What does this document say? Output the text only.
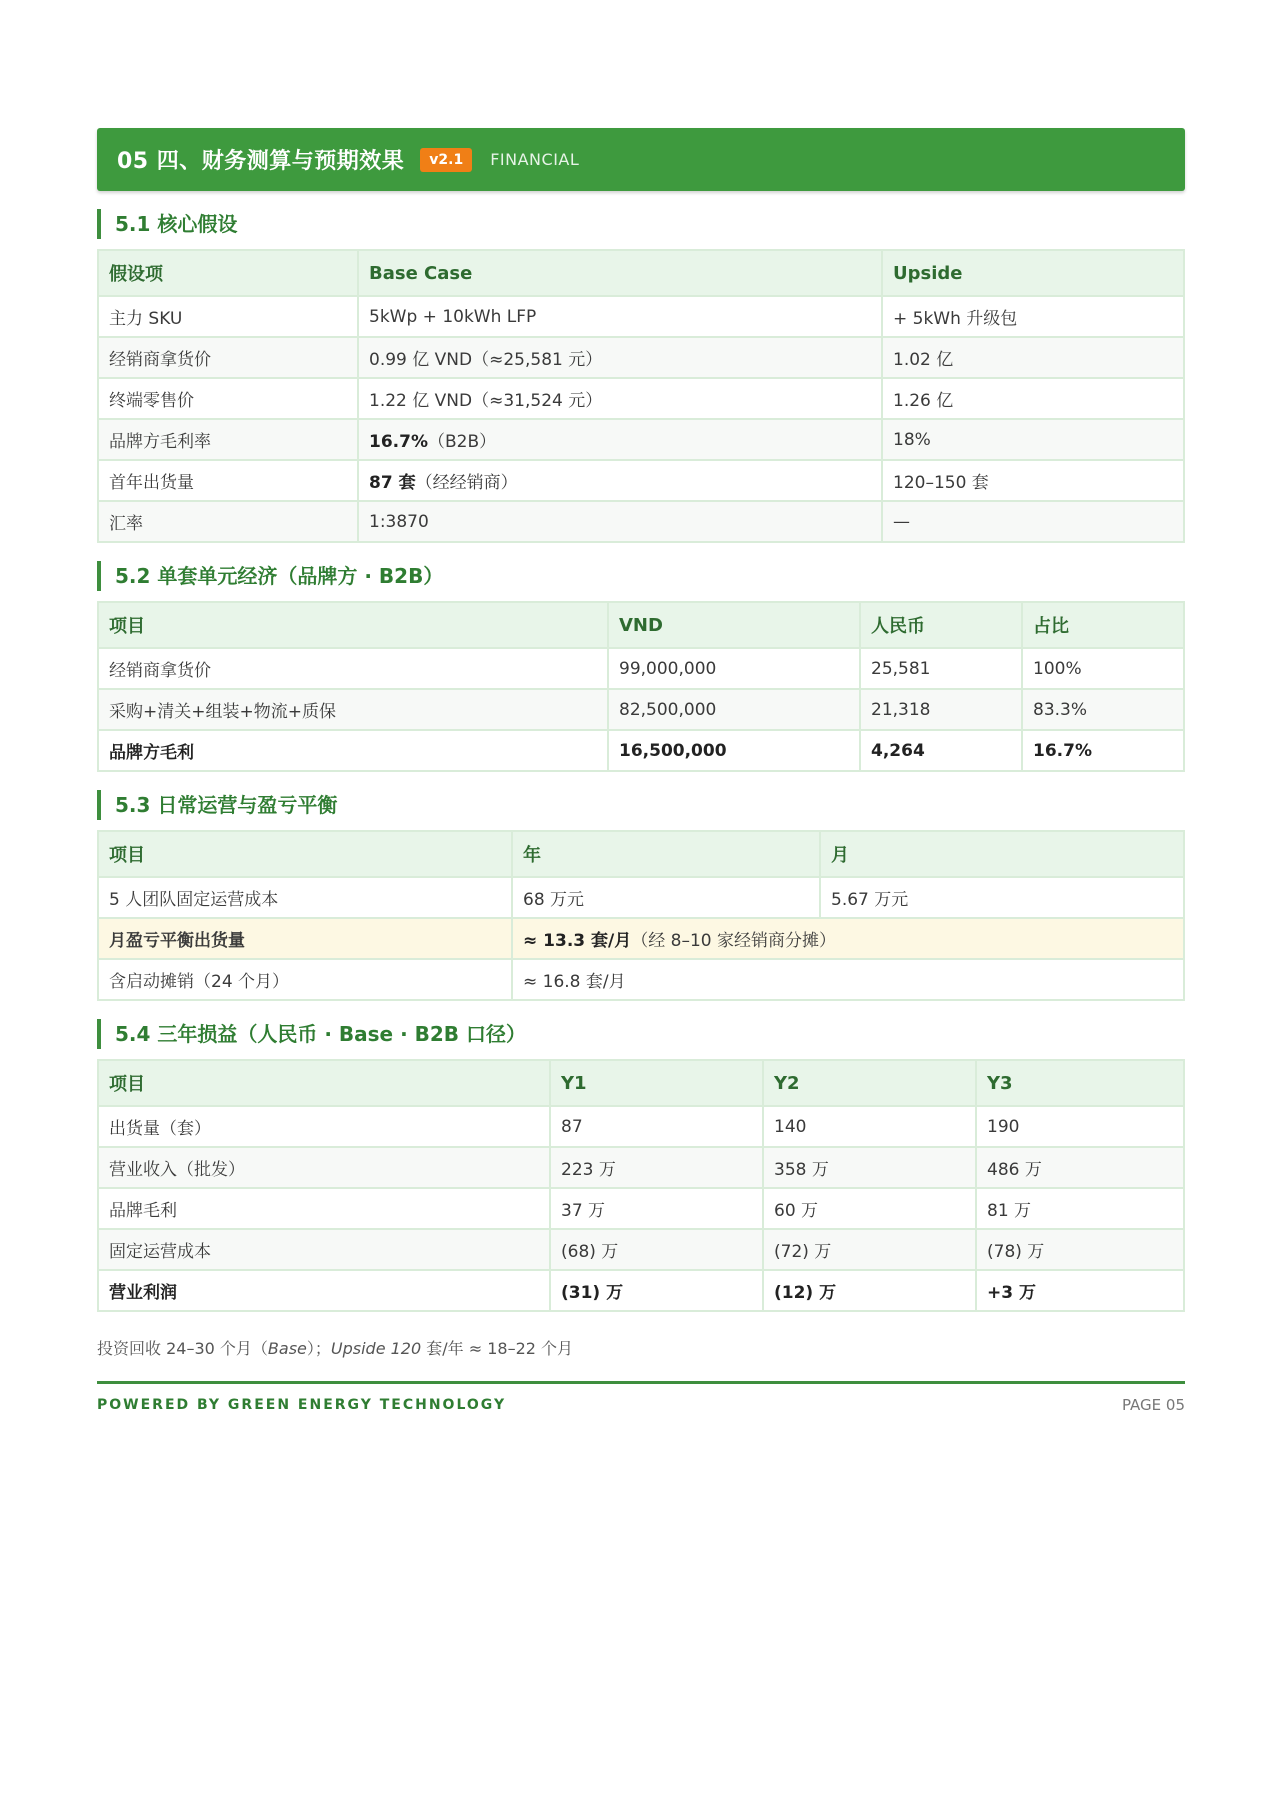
05 四、财务测算与预期效果	v2.1	FINANCIAL
5.1 核心假设
假设项	Base Case	Upside
主力 SKU	5kWp + 10kWh LFP	+ 5kWh 升级包
经销商拿货价	0.99 亿 VND（≈25,581 元）	1.02 亿
终端零售价	1.22 亿 VND（≈31,524 元）	1.26 亿
品牌方毛利率	16.7%（B2B）	18%
首年出货量	87 套（经经销商）	120–150 套
汇率	1:3870	—
5.2 单套单元经济（品牌方 · B2B）
项目	VND	人民币	占比
经销商拿货价	99,000,000	25,581	100%
采购+清关+组装+物流+质保	82,500,000	21,318	83.3%
品牌方毛利	16,500,000	4,264	16.7%
5.3 日常运营与盈亏平衡
项目	年	月
5 人团队固定运营成本	68 万元	5.67 万元
月盈亏平衡出货量	≈ 13.3 套/月（经 8–10 家经销商分摊）	
含启动摊销（24 个月）	≈ 16.8 套/月	
5.4 三年损益（人民币 · Base · B2B 口径）
项目	Y1	Y2	Y3
出货量（套）	87	140	190
营业收入（批发）	223 万	358 万	486 万
品牌毛利	37 万	60 万	81 万
固定运营成本	(68) 万	(72) 万	(78) 万
营业利润	(31) 万	(12) 万	+3 万
投资回收 24–30 个月（Base）；Upside 120 套/年 ≈ 18–22 个月
POWERED BY GREEN ENERGY TECHNOLOGY	PAGE 05
